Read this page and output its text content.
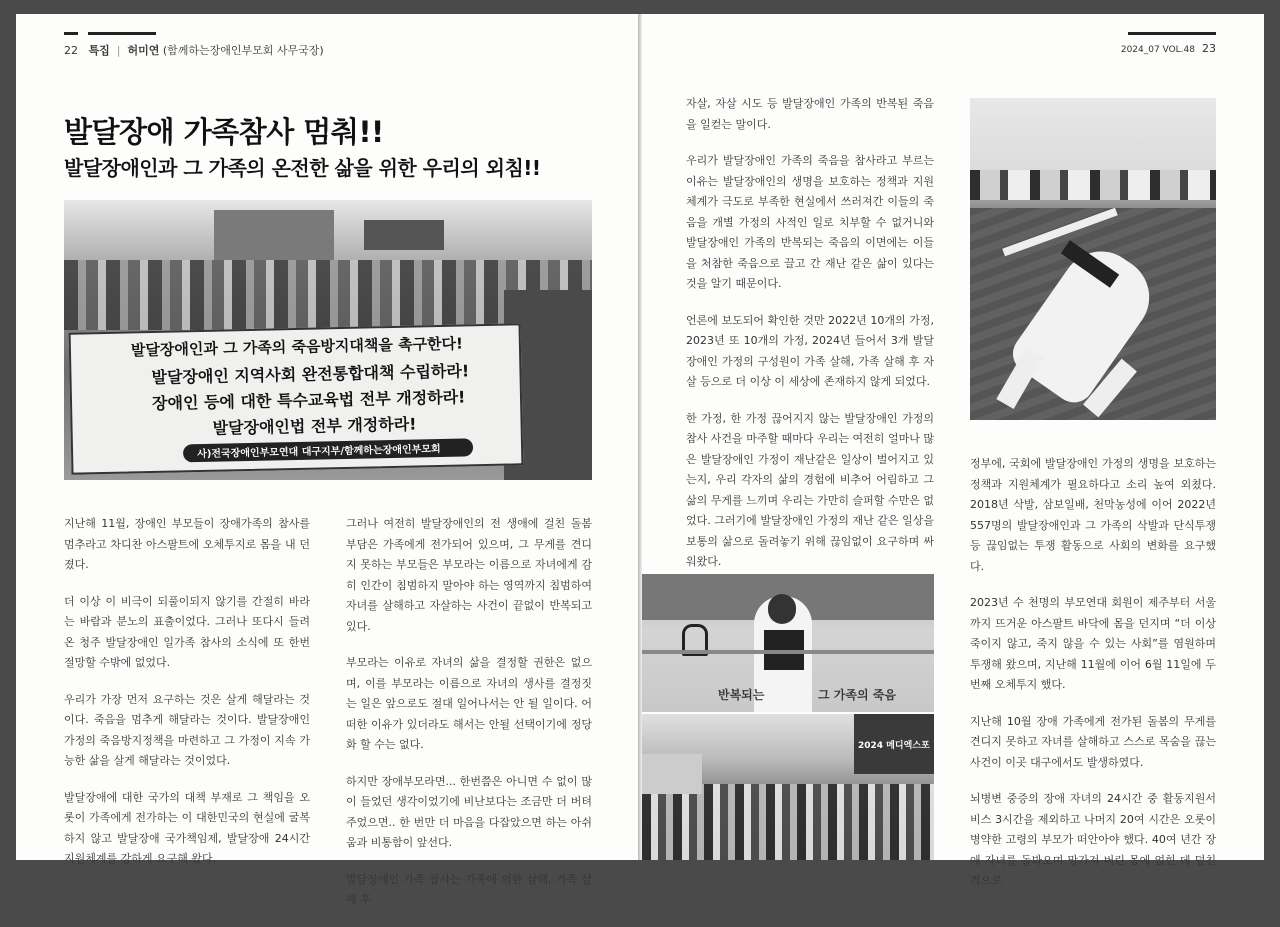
22 특집  |  허미연 (함께하는장애인부모회 사무국장)
발달장애 가족참사 멈춰!!
발달장애인과 그 가족의 온전한 삶을 위한 우리의 외침!!
발달장애인과 그 가족의 죽음방지대책을 촉구한다!
발달장애인 지역사회 완전통합대책 수립하라!
장애인 등에 대한 특수교육법 전부 개정하라!
발달장애인법 전부 개정하라!
사)전국장애인부모연대 대구지부/함께하는장애인부모회

지난해 11월, 장애인 부모들이 장애가족의 참사를 멈추라고 차디찬 아스팔트에 오체투지로 몸을 내 던졌다.

더 이상 이 비극이 되풀이되지 않기를 간절히 바라는 바람과 분노의 표출이었다. 그러나 또다시 들려온 청주 발달장애인 일가족 참사의 소식에 또 한번 절망할 수밖에 없었다.

우리가 가장 먼저 요구하는 것은 살게 해달라는 것이다. 죽음을 멈추게 해달라는 것이다. 발달장애인 가정의 죽음방지정책을 마련하고 그 가정이 지속 가능한 삶을 살게 해달라는 것이었다.

발달장애에 대한 국가의 대책 부재로 그 책임을 오롯이 가족에게 전가하는 이 대한민국의 현실에 굴복하지 않고 발달장애 국가책임제, 발달장애 24시간 지원체계를 강하게 요구해 왔다.

그러나 여전히 발달장애인의 전 생애에 걸친 돌봄 부담은 가족에게 전가되어 있으며, 그 무게를 견디지 못하는 부모들은 부모라는 이름으로 자녀에게 감히 인간이 침범하지 말아야 하는 영역까지 침범하여 자녀를 살해하고 자살하는 사건이 끝없이 반복되고 있다.

부모라는 이유로 자녀의 삶을 결정할 권한은 없으며, 이를 부모라는 이름으로 자녀의 생사를 결정짓는 일은 앞으로도 절대 일어나서는 안 될 일이다. 어떠한 이유가 있더라도 해서는 안될 선택이기에 정당화 할 수는 없다.

하지만 장애부모라면... 한번쯤은 아니면 수 없이 많이 들었던 생각이었기에 비난보다는 조금만 더 버텨 주었으면.. 한 번만 더 마음을 다잡았으면 하는 아쉬움과 비통함이 앞선다.

발달장애인 가족 참사는 가족에 의한 살해, 가족 살해 후

2024_07 VOL.48 23

자살, 자살 시도 등 발달장애인 가족의 반복된 죽음을 일컫는 말이다.

우리가 발달장애인 가족의 죽음을 참사라고 부르는 이유는 발달장애인의 생명을 보호하는 정책과 지원체계가 극도로 부족한 현실에서 쓰러져간 이들의 죽음을 개별 가정의 사적인 일로 치부할 수 없거니와 발달장애인 가족의 반복되는 죽음의 이면에는 이들을 처참한 죽음으로 끌고 간 재난 같은 삶이 있다는 것을 알기 때문이다.

언론에 보도되어 확인한 것만 2022년 10개의 가정, 2023년 또 10개의 가정, 2024년 들어서 3개 발달장애인 가정의 구성원이 가족 살해, 가족 살해 후 자살 등으로 더 이상 이 세상에 존재하지 않게 되었다.

한 가정, 한 가정 끊어지지 않는 발달장애인 가정의 참사 사건을 마주할 때마다 우리는 여전히 얼마나 많은 발달장애인 가정이 재난같은 일상이 벌어지고 있는지, 우리 각자의 삶의 경험에 비추어 어림하고 그 삶의 무게를 느끼며 우리는 가만히 슬퍼할 수만은 없었다. 그러기에 발달장애인 가정의 재난 같은 일상을 보통의 삶으로 돌려놓기 위해 끊임없이 요구하며 싸워왔다.

반복되는	그 가족의 죽음
2024 메디엑스포

정부에, 국회에 발달장애인 가정의 생명을 보호하는 정책과 지원체계가 필요하다고 소리 높여 외쳤다. 2018년 삭발, 삼보일배, 천막농성에 이어 2022년 557명의 발달장애인과 그 가족의 삭발과 단식투쟁 등 끊임없는 투쟁 활동으로 사회의 변화를 요구했다.

2023년 수 천명의 부모연대 회원이 제주부터 서울까지 뜨거운 아스팔트 바닥에 몸을 던지며 “더 이상 죽이지 않고, 죽지 않을 수 있는 사회”를 염원하며 투쟁해 왔으며, 지난해 11월에 이어 6월 11일에 두 번째 오체투지 했다.

지난해 10월 장애 가족에게 전가된 돌봄의 무게를 견디지 못하고 자녀를 살해하고 스스로 목숨을 끊는 사건이 이곳 대구에서도 발생하였다.

뇌병변 중증의 장애 자녀의 24시간 중 활동지원서비스 3시간을 제외하고 나머지 20여 시간은 오롯이 병약한 고령의 부모가 떠안아야 했다. 40여 년간 장애 자녀를 돌봐오며 망가져 버린 몸에 얹힌 데 덮친 격으로
